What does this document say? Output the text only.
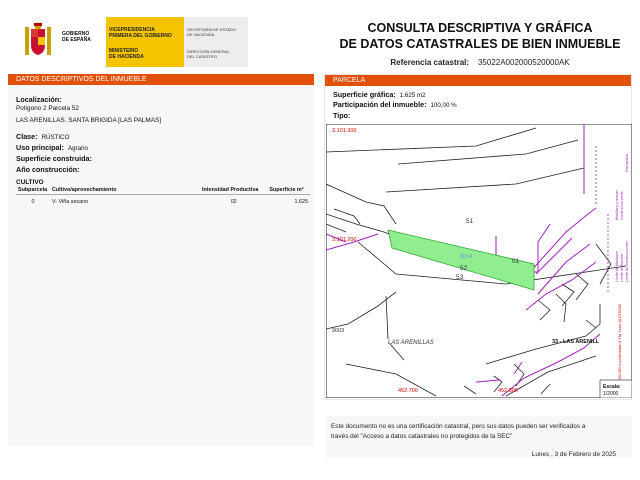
GOBIERNO
DE ESPAÑA
VICEPRESIDENCIA
PRIMERA DEL GOBIERNO
MINISTERIO
DE HACIENDA
SECRETARÍA DE ESTADO
DE HACIENDA
DIRECCIÓN GENERAL
DEL CATASTRO
CONSULTA DESCRIPTIVA Y GRÁFICA
DE DATOS CATASTRALES DE BIEN INMUEBLE
Referencia catastral: 35022A002000520000AK
DATOS DESCRIPTIVOS DEL INMUEBLE
Localización:
Polígono 2 Parcela 52
LAS ARENILLAS. SANTA BRIGIDA [LAS PALMAS]
Clase: RÚSTICO
Uso principal: Agrario
Superficie construida:
Año construcción:
CULTIVO
Subparcela	Cultivo/aprovechamiento	Intensidad Productiva	Superficie m²
0	V- Viña secano	02	1.625
PARCELA
Superficie gráfica: 1.625 m2
Participación del inmueble: 100,00 %
Tipo:
3.101.300
3.101.200
452.700	452.800
51
52
53
01
9003
9014
LAS ARENILLAS	33 - LAS ARENILL	452.900 Coordenadas U.T.M. Huso 28 ETRS89
Límite de Manzana Límite de Parcela Límite de Construcciones
Mobiliario y aceras Límite zona verde
Hidrografía
Escala:
1/2000
Este documento no es una certificación catastral, pero sus datos pueden ser verificados a
través del "Acceso a datos catastrales no protegidos de la SEC"
Lunes , 3 de Febrero de 2025
